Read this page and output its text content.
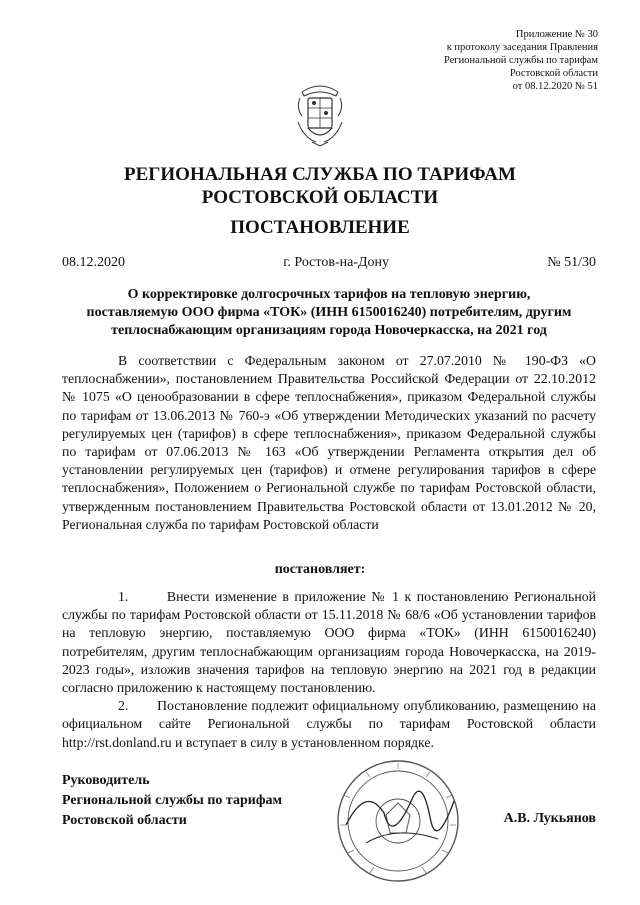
Приложение № 30
к протоколу заседания Правления
Региональной службы по тарифам
Ростовской области
от 08.12.2020 № 51
РЕГИОНАЛЬНАЯ СЛУЖБА ПО ТАРИФАМ
РОСТОВСКОЙ ОБЛАСТИ
ПОСТАНОВЛЕНИЕ
08.12.2020	г. Ростов-на-Дону	№ 51/30
О корректировке долгосрочных тарифов на тепловую энергию,
поставляемую ООО фирма «ТОК» (ИНН 6150016240) потребителям, другим
теплоснабжающим организациям города Новочеркасска, на 2021 год
В соответствии с Федеральным законом от 27.07.2010 № 190-ФЗ «О теплоснабжении», постановлением Правительства Российской Федерации от 22.10.2012 № 1075 «О ценообразовании в сфере теплоснабжения», приказом Федеральной службы по тарифам от 13.06.2013 № 760-э «Об утверждении Методических указаний по расчету регулируемых цен (тарифов) в сфере теплоснабжения», приказом Федеральной службы по тарифам от 07.06.2013 № 163 «Об утверждении Регламента открытия дел об установлении регулируемых цен (тарифов) и отмене регулирования тарифов в сфере теплоснабжения», Положением о Региональной службе по тарифам Ростовской области, утвержденным постановлением Правительства Ростовской области от 13.01.2012 № 20, Региональная служба по тарифам Ростовской области
постановляет:

1.	Внести изменение в приложение № 1 к постановлению Региональной службы по тарифам Ростовской области от 15.11.2018 № 68/6 «Об установлении тарифов на тепловую энергию, поставляемую ООО фирма «ТОК» (ИНН 6150016240) потребителям, другим теплоснабжающим организациям города Новочеркасска, на 2019-2023 годы», изложив значения тарифов на тепловую энергию на 2021 год в редакции согласно приложению к настоящему постановлению.

2. Постановление подлежит официальному опубликованию, размещению на официальном сайте Региональной службы по тарифам Ростовской области http://rst.donland.ru и вступает в силу в установленном порядке.

Руководитель
Региональной службы по тарифам
Ростовской области	А.В. Лукьянов
